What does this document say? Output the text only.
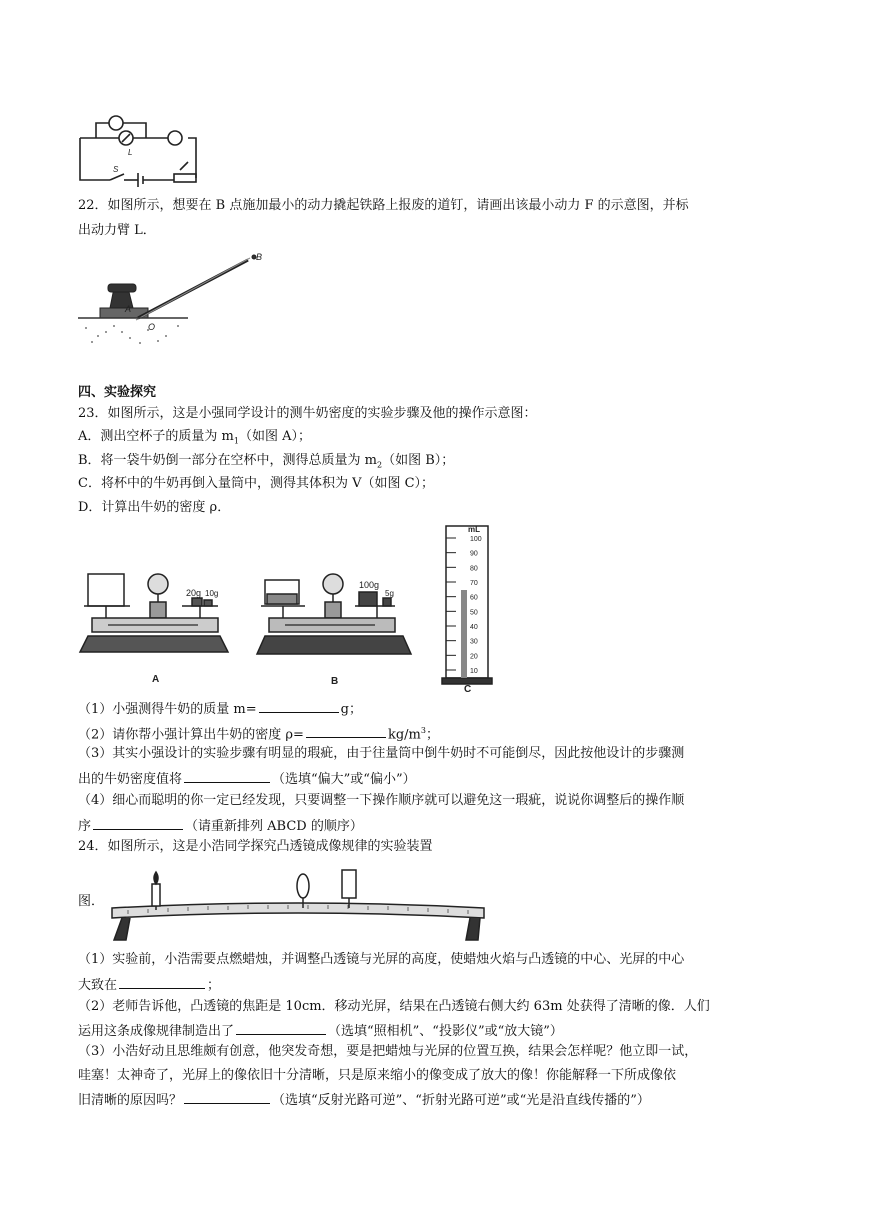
L
S
22．如图所示，想要在 B 点施加最小的动力撬起铁路上报废的道钉，请画出该最小动力 F 的示意图，并标
出动力臂 L．
A
O
B
四、实验探究
23．如图所示，这是小强同学设计的测牛奶密度的实验步骤及他的操作示意图：
A．测出空杯子的质量为 $m_1$（如图 A）；
B．将一袋牛奶倒一部分在空杯中，测得总质量为 $m_2$（如图 B）；
C．将杯中的牛奶再倒入量筒中，测得其体积为 V（如图 C）；
D．计算出牛奶的密度 ρ．
20g 10g
A
100g
5g
B
mL
100
90
80
70
60
50
40
30
20
10
C
（1）小强测得牛奶的质量 m=	g；
（2）请你帮小强计算出牛奶的密度 ρ=	$kg/m^3$；
（3）其实小强设计的实验步骤有明显的瑕疵，由于往量筒中倒牛奶时不可能倒尽，因此按他设计的步骤测
出的牛奶密度值将	（选填“偏大”或“偏小”）
（4）细心而聪明的你一定已经发现，只要调整一下操作顺序就可以避免这一瑕疵，说说你调整后的操作顺
序	（请重新排列 ABCD 的顺序）
24．如图所示，这是小浩同学探究凸透镜成像规律的实验装置
图．
（1）实验前，小浩需要点燃蜡烛，并调整凸透镜与光屏的高度，使蜡烛火焰与凸透镜的中心、光屏的中心
大致在	；
（2）老师告诉他，凸透镜的焦距是 10cm．移动光屏，结果在凸透镜右侧大约 63m 处获得了清晰的像．人们
运用这条成像规律制造出了	（选填“照相机”、“投影仪”或“放大镜”）
（3）小浩好动且思维颇有创意，他突发奇想，要是把蜡烛与光屏的位置互换，结果会怎样呢？他立即一试，
哇塞！太神奇了，光屏上的像依旧十分清晰，只是原来缩小的像变成了放大的像！你能解释一下所成像依
旧清晰的原因吗？	（选填“反射光路可逆”、“折射光路可逆”或“光是沿直线传播的”）
